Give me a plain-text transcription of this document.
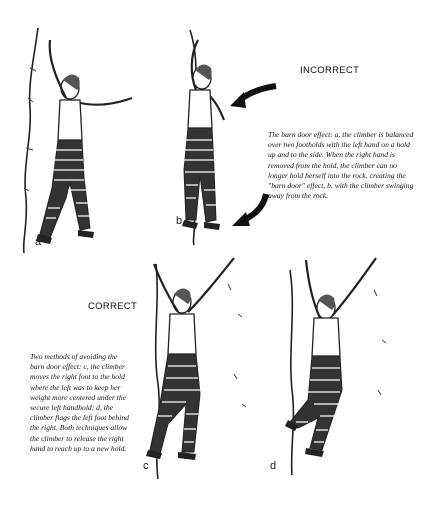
a
b
INCORRECT

The barn door effect: a, the climber is balanced over two footholds with the left hand on a hold up and to the side. When the right hand is removed from the hold, the climber can no longer hold herself into the rock, creating the "barn door" effect, b, with the climber swinging away from the rock.

CORRECT

Two methods of avoiding the barn door effect: c, the climber moves the right foot to the hold where the left was to keep her weight more centered under the secure left handhold; d, the climber flags the left foot behind the right. Both techniques allow the climber to release the right hand to reach up to a new hold.

c	d
